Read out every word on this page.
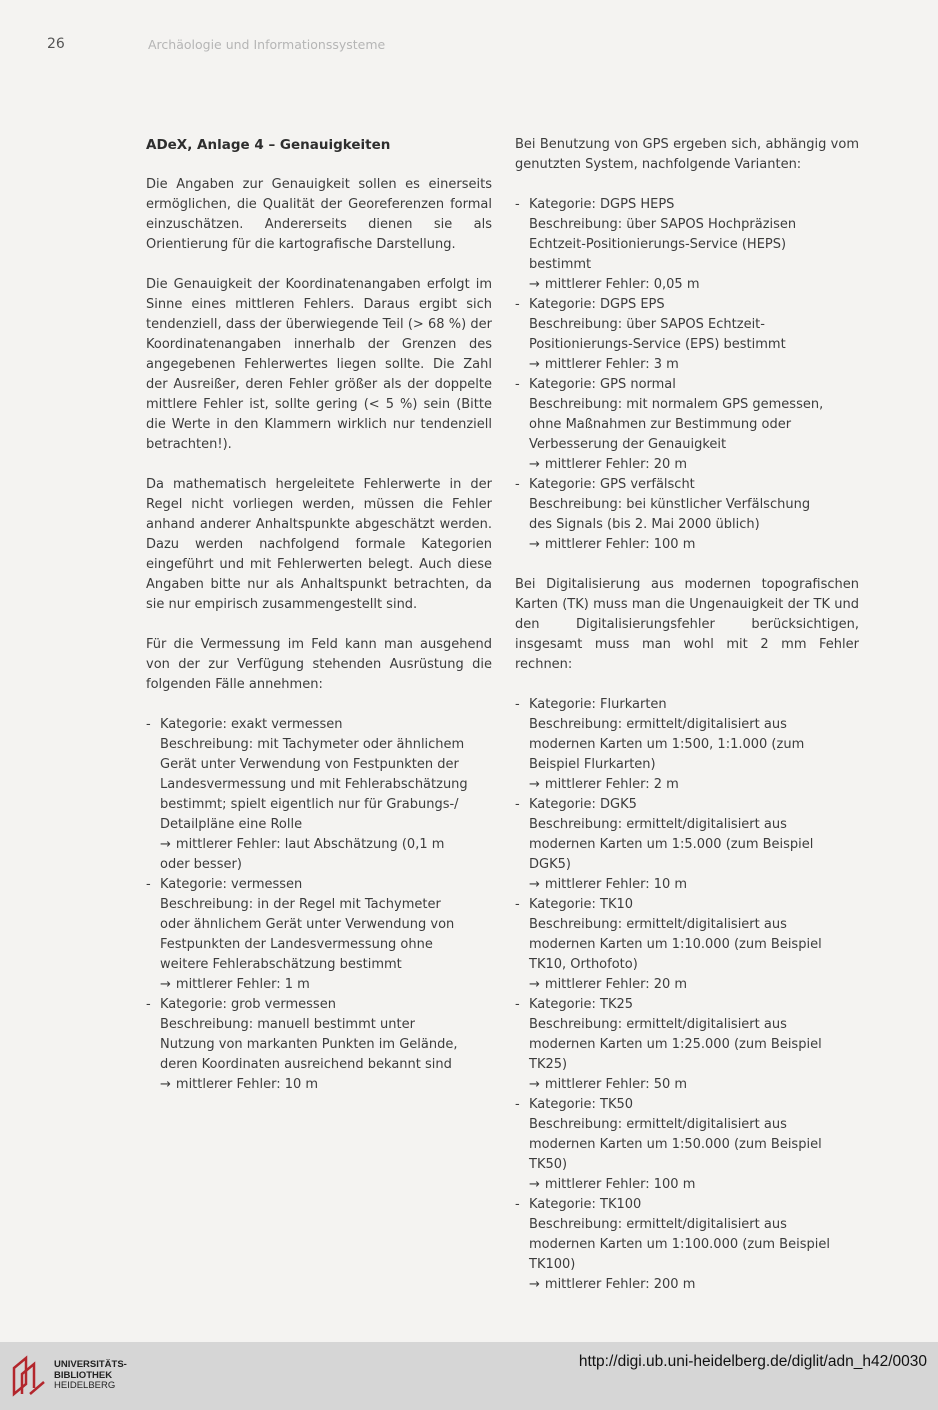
26	Archäologie und Informationssysteme

ADeX, Anlage 4 – Genauigkeiten

Die Angaben zur Genauigkeit sollen es einerseits ermöglichen, die Qualität der Georeferenzen formal einzuschätzen. Andererseits dienen sie als Orientierung für die kartografische Darstellung.

Die Genauigkeit der Koordinatenangaben erfolgt im Sinne eines mittleren Fehlers. Daraus ergibt sich tendenziell, dass der überwiegende Teil (> 68 %) der Koordinatenangaben innerhalb der Grenzen des angegebenen Fehlerwertes liegen sollte. Die Zahl der Ausreißer, deren Fehler größer als der doppelte mittlere Fehler ist, sollte gering (< 5 %) sein (Bitte die Werte in den Klammern wirklich nur tendenziell betrachten!).

Da mathematisch hergeleitete Fehlerwerte in der Regel nicht vorliegen werden, müssen die Fehler anhand anderer Anhaltspunkte abgeschätzt werden. Dazu werden nachfolgend formale Kategorien eingeführt und mit Fehlerwerten belegt. Auch diese Angaben bitte nur als Anhaltspunkt betrachten, da sie nur empirisch zusammengestellt sind.

Für die Vermessung im Feld kann man ausgehend von der zur Verfügung stehenden Ausrüstung die folgenden Fälle annehmen:

- Kategorie: exakt vermessen
Beschreibung: mit Tachymeter oder ähnlichem
Gerät unter Verwendung von Festpunkten der
Landesvermessung und mit Fehlerabschätzung
bestimmt; spielt eigentlich nur für Grabungs-/
Detailpläne eine Rolle
→ mittlerer Fehler: laut Abschätzung (0,1 m
oder besser)
- Kategorie: vermessen
Beschreibung: in der Regel mit Tachymeter
oder ähnlichem Gerät unter Verwendung von
Festpunkten der Landesvermessung ohne
weitere Fehlerabschätzung bestimmt
→ mittlerer Fehler: 1 m
- Kategorie: grob vermessen
Beschreibung: manuell bestimmt unter
Nutzung von markanten Punkten im Gelände,
deren Koordinaten ausreichend bekannt sind
→ mittlerer Fehler: 10 m

Bei Benutzung von GPS ergeben sich, abhängig vom genutzten System, nachfolgende Varianten:

- Kategorie: DGPS HEPS
Beschreibung: über SAPOS Hochpräzisen
Echtzeit-Positionierungs-Service (HEPS)
bestimmt
→ mittlerer Fehler: 0,05 m
- Kategorie: DGPS EPS
Beschreibung: über SAPOS Echtzeit-
Positionierungs-Service (EPS) bestimmt
→ mittlerer Fehler: 3 m
- Kategorie: GPS normal
Beschreibung: mit normalem GPS gemessen,
ohne Maßnahmen zur Bestimmung oder
Verbesserung der Genauigkeit
→ mittlerer Fehler: 20 m
- Kategorie: GPS verfälscht
Beschreibung: bei künstlicher Verfälschung
des Signals (bis 2. Mai 2000 üblich)
→ mittlerer Fehler: 100 m

Bei Digitalisierung aus modernen topografischen Karten (TK) muss man die Ungenauigkeit der TK und den Digitalisierungsfehler berücksichtigen, insgesamt muss man wohl mit 2 mm Fehler rechnen:

- Kategorie: Flurkarten
Beschreibung: ermittelt/digitalisiert aus
modernen Karten um 1:500, 1:1.000 (zum
Beispiel Flurkarten)
→ mittlerer Fehler: 2 m
- Kategorie: DGK5
Beschreibung: ermittelt/digitalisiert aus
modernen Karten um 1:5.000 (zum Beispiel
DGK5)
→ mittlerer Fehler: 10 m
- Kategorie: TK10
Beschreibung: ermittelt/digitalisiert aus
modernen Karten um 1:10.000 (zum Beispiel
TK10, Orthofoto)
→ mittlerer Fehler: 20 m
- Kategorie: TK25
Beschreibung: ermittelt/digitalisiert aus
modernen Karten um 1:25.000 (zum Beispiel
TK25)
→ mittlerer Fehler: 50 m
- Kategorie: TK50
Beschreibung: ermittelt/digitalisiert aus
modernen Karten um 1:50.000 (zum Beispiel
TK50)
→ mittlerer Fehler: 100 m
- Kategorie: TK100
Beschreibung: ermittelt/digitalisiert aus
modernen Karten um 1:100.000 (zum Beispiel
TK100)
→ mittlerer Fehler: 200 m
UNIVERSITÄTS-
BIBLIOTHEK
HEIDELBERG
http://digi.ub.uni-heidelberg.de/diglit/adn_h42/0030
